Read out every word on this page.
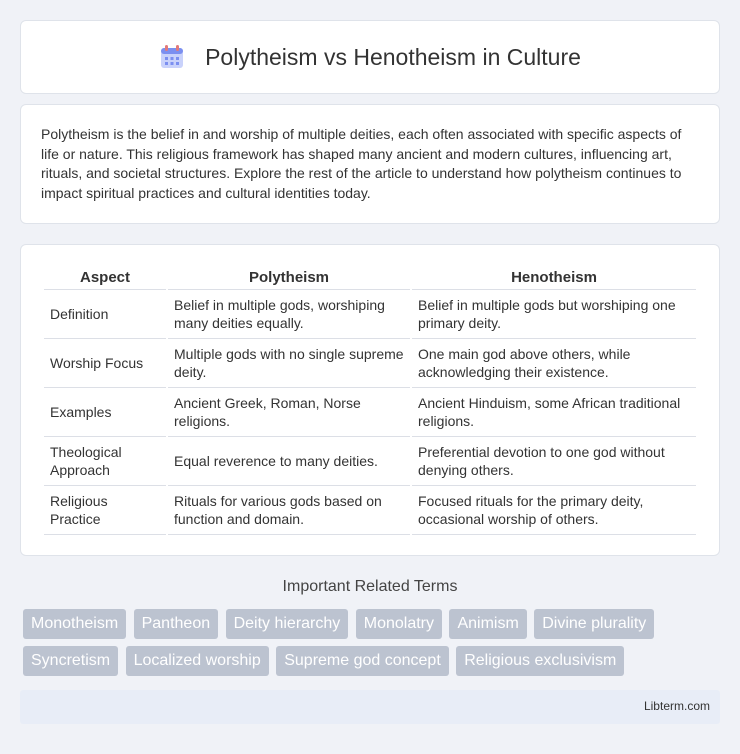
Polytheism vs Henotheism in Culture

Polytheism is the belief in and worship of multiple deities, each often associated with specific aspects of life or nature. This religious framework has shaped many ancient and modern cultures, influencing art, rituals, and societal structures. Explore the rest of the article to understand how polytheism continues to impact spiritual practices and cultural identities today.

Aspect	Polytheism	Henotheism
Definition	Belief in multiple gods, worshiping many deities equally.	Belief in multiple gods but worshiping one primary deity.
Worship Focus	Multiple gods with no single supreme deity.	One main god above others, while acknowledging their existence.
Examples	Ancient Greek, Roman, Norse religions.	Ancient Hinduism, some African traditional religions.
Theological Approach	Equal reverence to many deities.	Preferential devotion to one god without denying others.
Religious Practice	Rituals for various gods based on function and domain.	Focused rituals for the primary deity, occasional worship of others.
Important Related Terms
Monotheism Pantheon Deity hierarchy Monolatry Animism Divine plurality Syncretism Localized worship Supreme god concept Religious exclusivism
Libterm.com
